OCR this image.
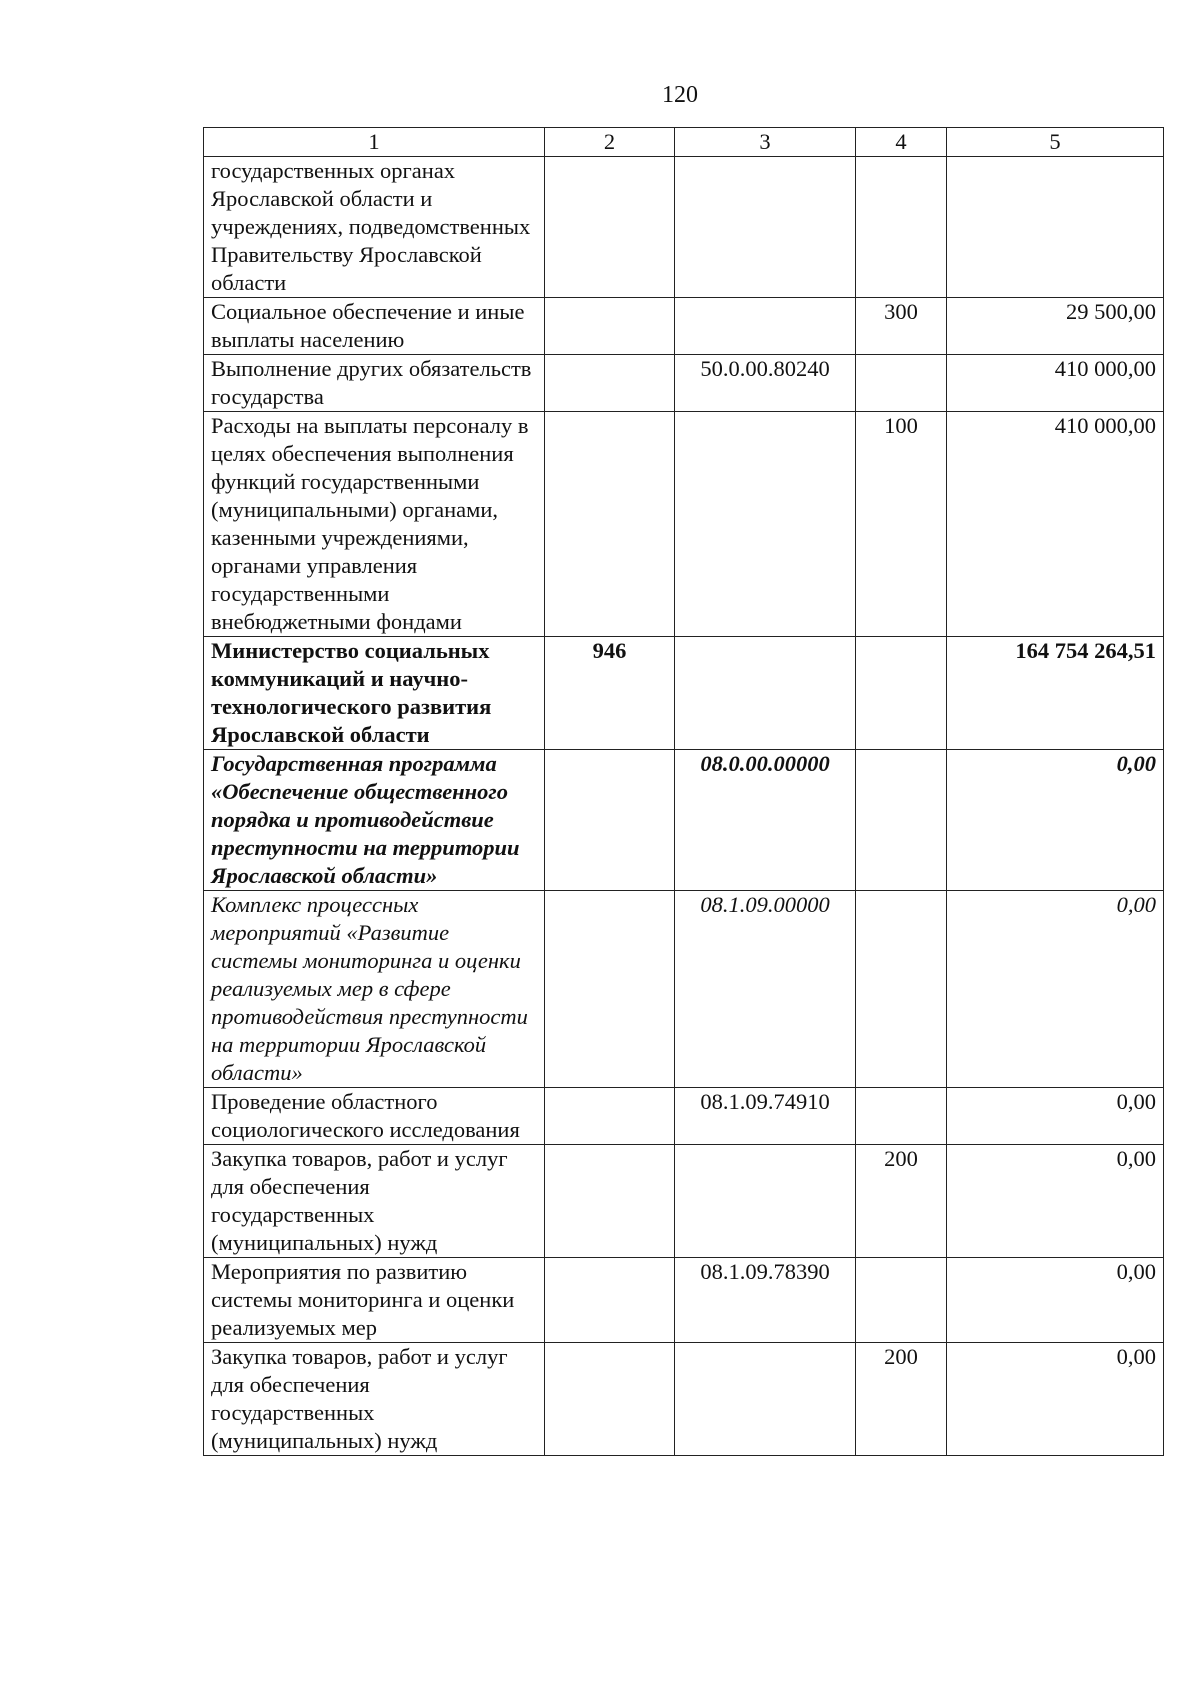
120
1	2	3	4	5
государственных органах Ярославской области и учреждениях, подведомственных Правительству Ярославской области				
Социальное обеспечение и иные выплаты населению			300	29 500,00
Выполнение других обязательств государства		50.0.00.80240		410 000,00
Расходы на выплаты персоналу в целях обеспечения выполнения функций государственными (муниципальными) органами, казенными учреждениями, органами управления государственными внебюджетными фондами			100	410 000,00
Министерство социальных коммуникаций и научно-технологического развития Ярославской области	946			164 754 264,51
Государственная программа «Обеспечение общественного порядка и противодействие преступности на территории Ярославской области»		08.0.00.00000		0,00
Комплекс процессных мероприятий «Развитие системы мониторинга и оценки реализуемых мер в сфере противодействия преступности на территории Ярославской области»		08.1.09.00000		0,00
Проведение областного социологического исследования		08.1.09.74910		0,00
Закупка товаров, работ и услуг для обеспечения государственных (муниципальных) нужд			200	0,00
Мероприятия по развитию системы мониторинга и оценки реализуемых мер		08.1.09.78390		0,00
Закупка товаров, работ и услуг для обеспечения государственных (муниципальных) нужд			200	0,00
